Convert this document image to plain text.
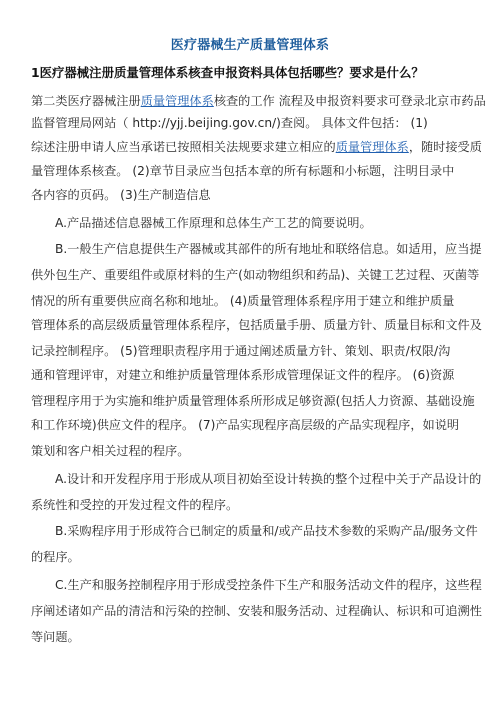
医疗器械生产质量管理体系
1医疗器械注册质量管理体系核查申报资料具体包括哪些？要求是什么？
第二类医疗器械注册质量管理体系核查的工作 流程及申报资料要求可登录北京市药品
监督管理局网站（ http://yjj.beijing.gov.cn/)查阅。 具体文件包括： (1)
综述注册申请人应当承诺已按照相关法规要求建立相应的质量管理体系，随时接受质
量管理体系核查。 (2)章节目录应当包括本章的所有标题和小标题，注明目录中
各内容的页码。 (3)生产制造信息
A.产品描述信息器械工作原理和总体生产工艺的简要说明。
B.一般生产信息提供生产器械或其部件的所有地址和联络信息。如适用，应当提
供外包生产、重要组件或原材料的生产(如动物组织和药品)、关键工艺过程、灭菌等
情况的所有重要供应商名称和地址。 (4)质量管理体系程序用于建立和维护质量
管理体系的高层级质量管理体系程序，包括质量手册、质量方针、质量目标和文件及
记录控制程序。 (5)管理职责程序用于通过阐述质量方针、策划、职责/权限/沟
通和管理评审，对建立和维护质量管理体系形成管理保证文件的程序。 (6)资源
管理程序用于为实施和维护质量管理体系所形成足够资源(包括人力资源、基础设施
和工作环境)供应文件的程序。 (7)产品实现程序高层级的产品实现程序，如说明
策划和客户相关过程的程序。
A.设计和开发程序用于形成从项目初始至设计转换的整个过程中关于产品设计的
系统性和受控的开发过程文件的程序。
B.采购程序用于形成符合已制定的质量和/或产品技术参数的采购产品/服务文件
的程序。
C.生产和服务控制程序用于形成受控条件下生产和服务活动文件的程序，这些程
序阐述诸如产品的清洁和污染的控制、安装和服务活动、过程确认、标识和可追溯性
等问题。
